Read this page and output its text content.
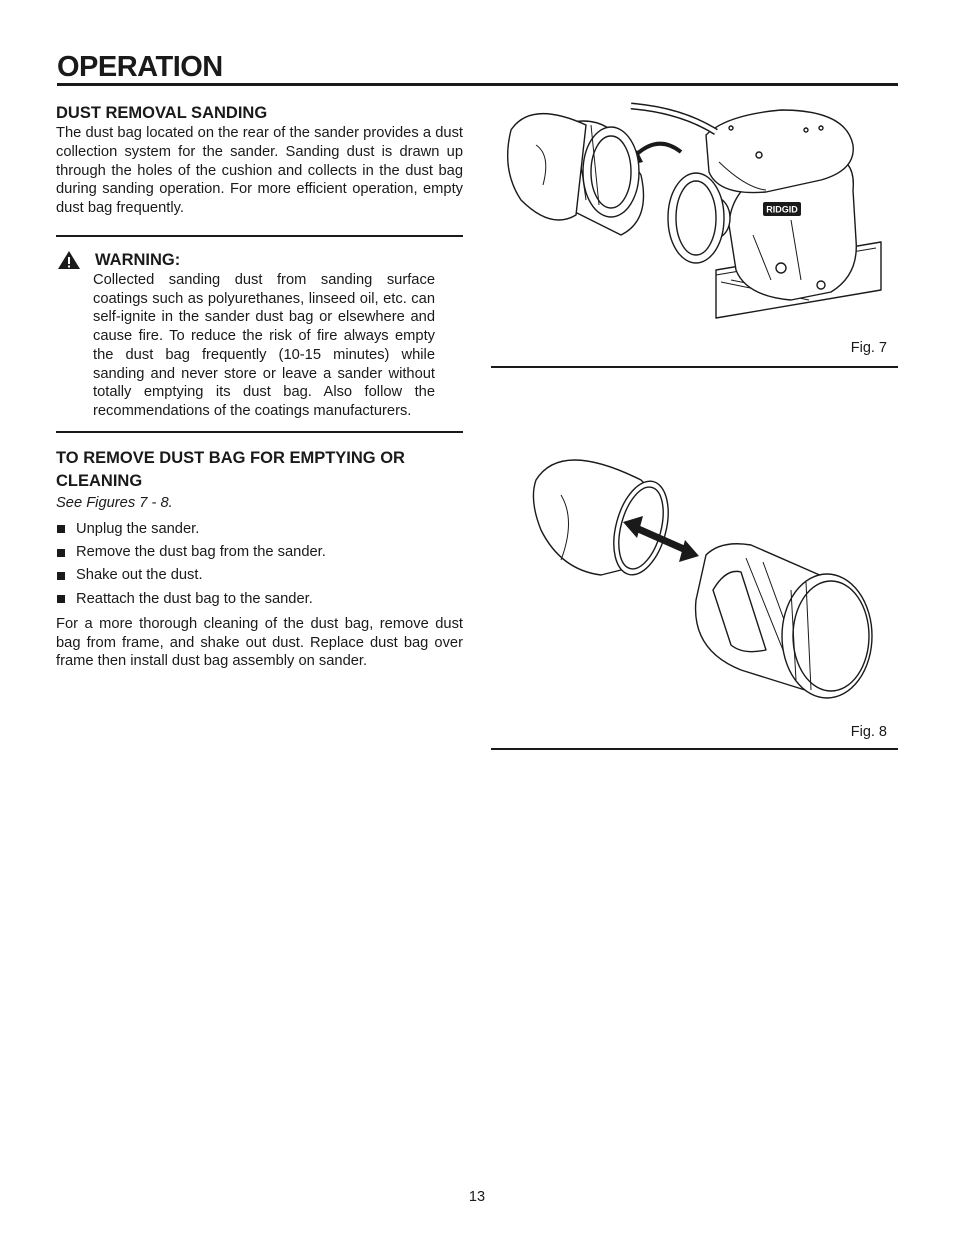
OPERATION
DUST REMOVAL SANDING

The dust bag located on the rear of the sander provides a dust collection system for the sander. Sanding dust is drawn up through the holes of the cushion and collects in the dust bag during sanding operation. For more efficient operation, empty dust bag frequently.

WARNING:
Collected sanding dust from sanding surface coatings such as polyurethanes, linseed oil, etc. can self-ignite in the sander dust bag or elsewhere and cause fire. To reduce the risk of fire always empty the dust bag frequently (10-15 minutes) while sanding and never store or leave a sander without totally emptying its dust bag. Also follow the recommendations of the coatings manufacturers.
TO REMOVE DUST BAG FOR EMPTYING OR CLEANING

See Figures 7 - 8.

Unplug the sander.
Remove the dust bag from the sander.
Shake out the dust.
Reattach the dust bag to the sander.

For a more thorough cleaning of the dust bag, remove dust bag from frame, and shake out dust. Replace dust bag over frame then install dust bag assembly on sander.

RIDGID
Fig. 7
Fig. 8
13
